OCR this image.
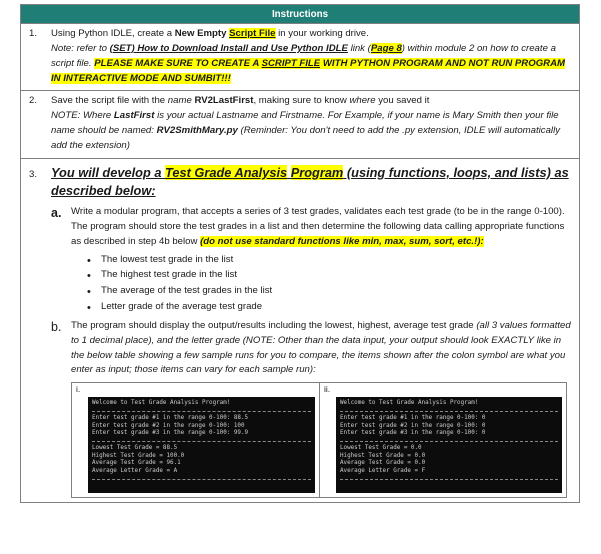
Instructions
1. Using Python IDLE, create a New Empty Script File in your working drive.
Note: refer to (SET) How to Download Install and Use Python IDLE link (Page 8) within module 2 on how to create a script file. PLEASE MAKE SURE TO CREATE A SCRIPT FILE WITH PYTHON PROGRAM AND NOT RUN PROGRAM IN INTERACTIVE MODE AND SUMBIT!!!
2. Save the script file with the name RV2LastFirst, making sure to know where you saved it
NOTE: Where LastFirst is your actual Lastname and Firstname. For Example, if your name is Mary Smith then your file name should be named: RV2SmithMary.py (Reminder: You don't need to add the .py extension, IDLE will automatically add the extension)
3. You will develop a Test Grade Analysis Program (using functions, loops, and lists) as described below:
a. Write a modular program, that accepts a series of 3 test grades, validates each test grade (to be in the range 0-100). The program should store the test grades in a list and then determine the following data calling appropriate functions as described in step 4b below (do not use standard functions like min, max, sum, sort, etc.!):
• The lowest test grade in the list
• The highest test grade in the list
• The average of the test grades in the list
• Letter grade of the average test grade
b. The program should display the output/results including the lowest, highest, average test grade (all 3 values formatted to 1 decimal place), and the letter grade (NOTE: Other than the data input, your output should look EXACTLY like in the below table showing a few sample runs for you to compare, the items shown after the colon symbol are what you enter as input; those items can vary for each sample run):
i.
Welcome to Test Grade Analysis Program!
Enter test grade #1 in the range 0-100: 88.5
Enter test grade #2 in the range 0-100: 100
Enter test grade #3 in the range 0-100: 99.9
Lowest Test Grade = 88.5
Highest Test Grade = 100.0
Average Test Grade = 96.1
Average Letter Grade = A
ii.
Welcome to Test Grade Analysis Program!
Enter test grade #1 in the range 0-100: 0
Enter test grade #2 in the range 0-100: 0
Enter test grade #3 in the range 0-100: 0
Lowest Test Grade = 0.0
Highest Test Grade = 0.0
Average Test Grade = 0.0
Average Letter Grade = F
